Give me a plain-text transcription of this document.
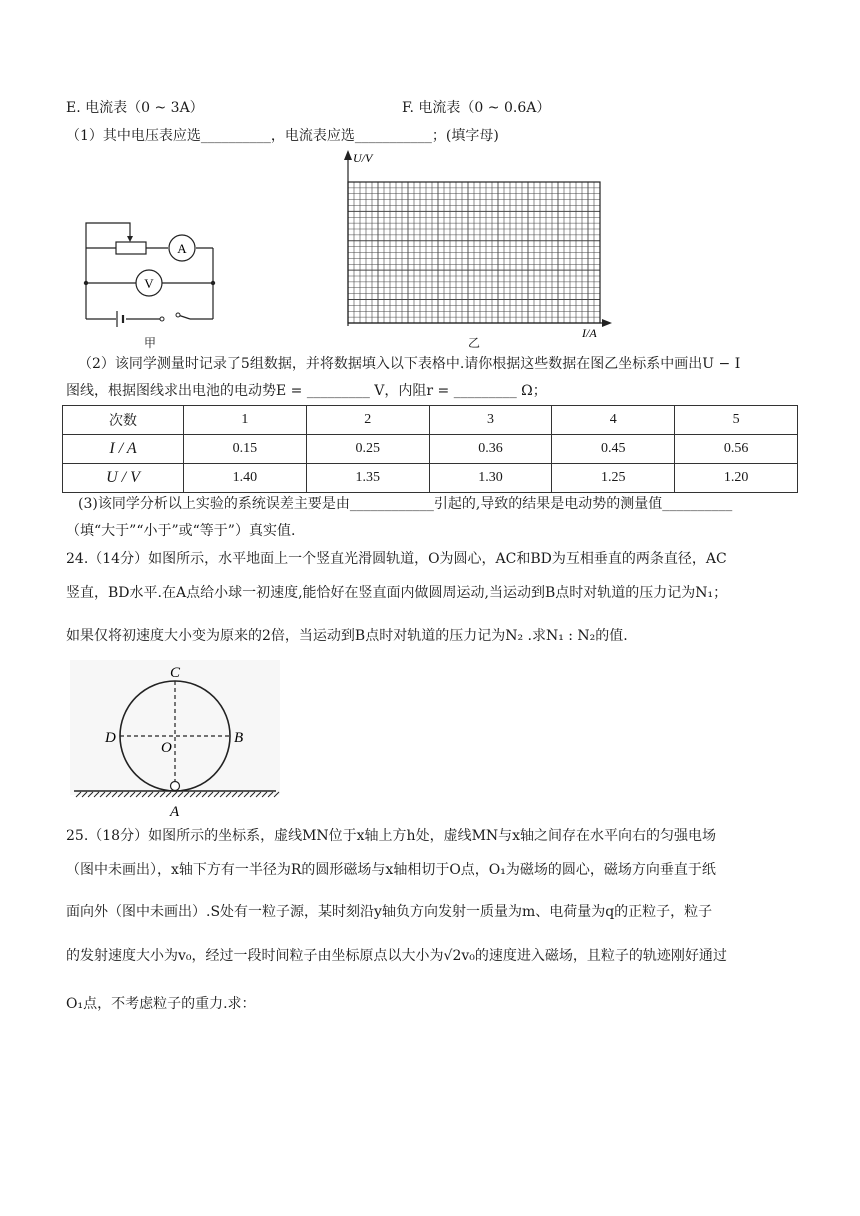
E. 电流表（0 ~ 3A）	F. 电流表（0 ~ 0.6A）
（1）其中电压表应选__________，电流表应选___________；(填字母)
A
V
甲
U/V
I/A
乙
（2）该同学测量时记录了5组数据，并将数据填入以下表格中.请你根据这些数据在图乙坐标系中画出U − I
图线，根据图线求出电池的电动势E = _________ V，内阻r = _________ Ω；
次数	1	2	3	4	5
I / A	0.15	0.25	0.36	0.45	0.56
U / V	1.40	1.35	1.30	1.25	1.20
(3)该同学分析以上实验的系统误差主要是由____________引起的,导致的结果是电动势的测量值__________
（填“大于”“小于”或“等于”）真实值.
24.（14分）如图所示，水平地面上一个竖直光滑圆轨道，O为圆心，AC和BD为互相垂直的两条直径，AC
竖直，BD水平.在A点给小球一初速度,能恰好在竖直面内做圆周运动,当运动到B点时对轨道的压力记为N₁；
如果仅将初速度大小变为原来的2倍，当运动到B点时对轨道的压力记为N₂ .求N₁ : N₂的值.
C
D
O
B
A
25.（18分）如图所示的坐标系，虚线MN位于x轴上方h处，虚线MN与x轴之间存在水平向右的匀强电场
（图中未画出），x轴下方有一半径为R的圆形磁场与x轴相切于O点，O₁为磁场的圆心，磁场方向垂直于纸
面向外（图中未画出）.S处有一粒子源，某时刻沿y轴负方向发射一质量为m、电荷量为q的正粒子，粒子
的发射速度大小为v₀，经过一段时间粒子由坐标原点以大小为√2v₀的速度进入磁场，且粒子的轨迹刚好通过
O₁点，不考虑粒子的重力.求：
